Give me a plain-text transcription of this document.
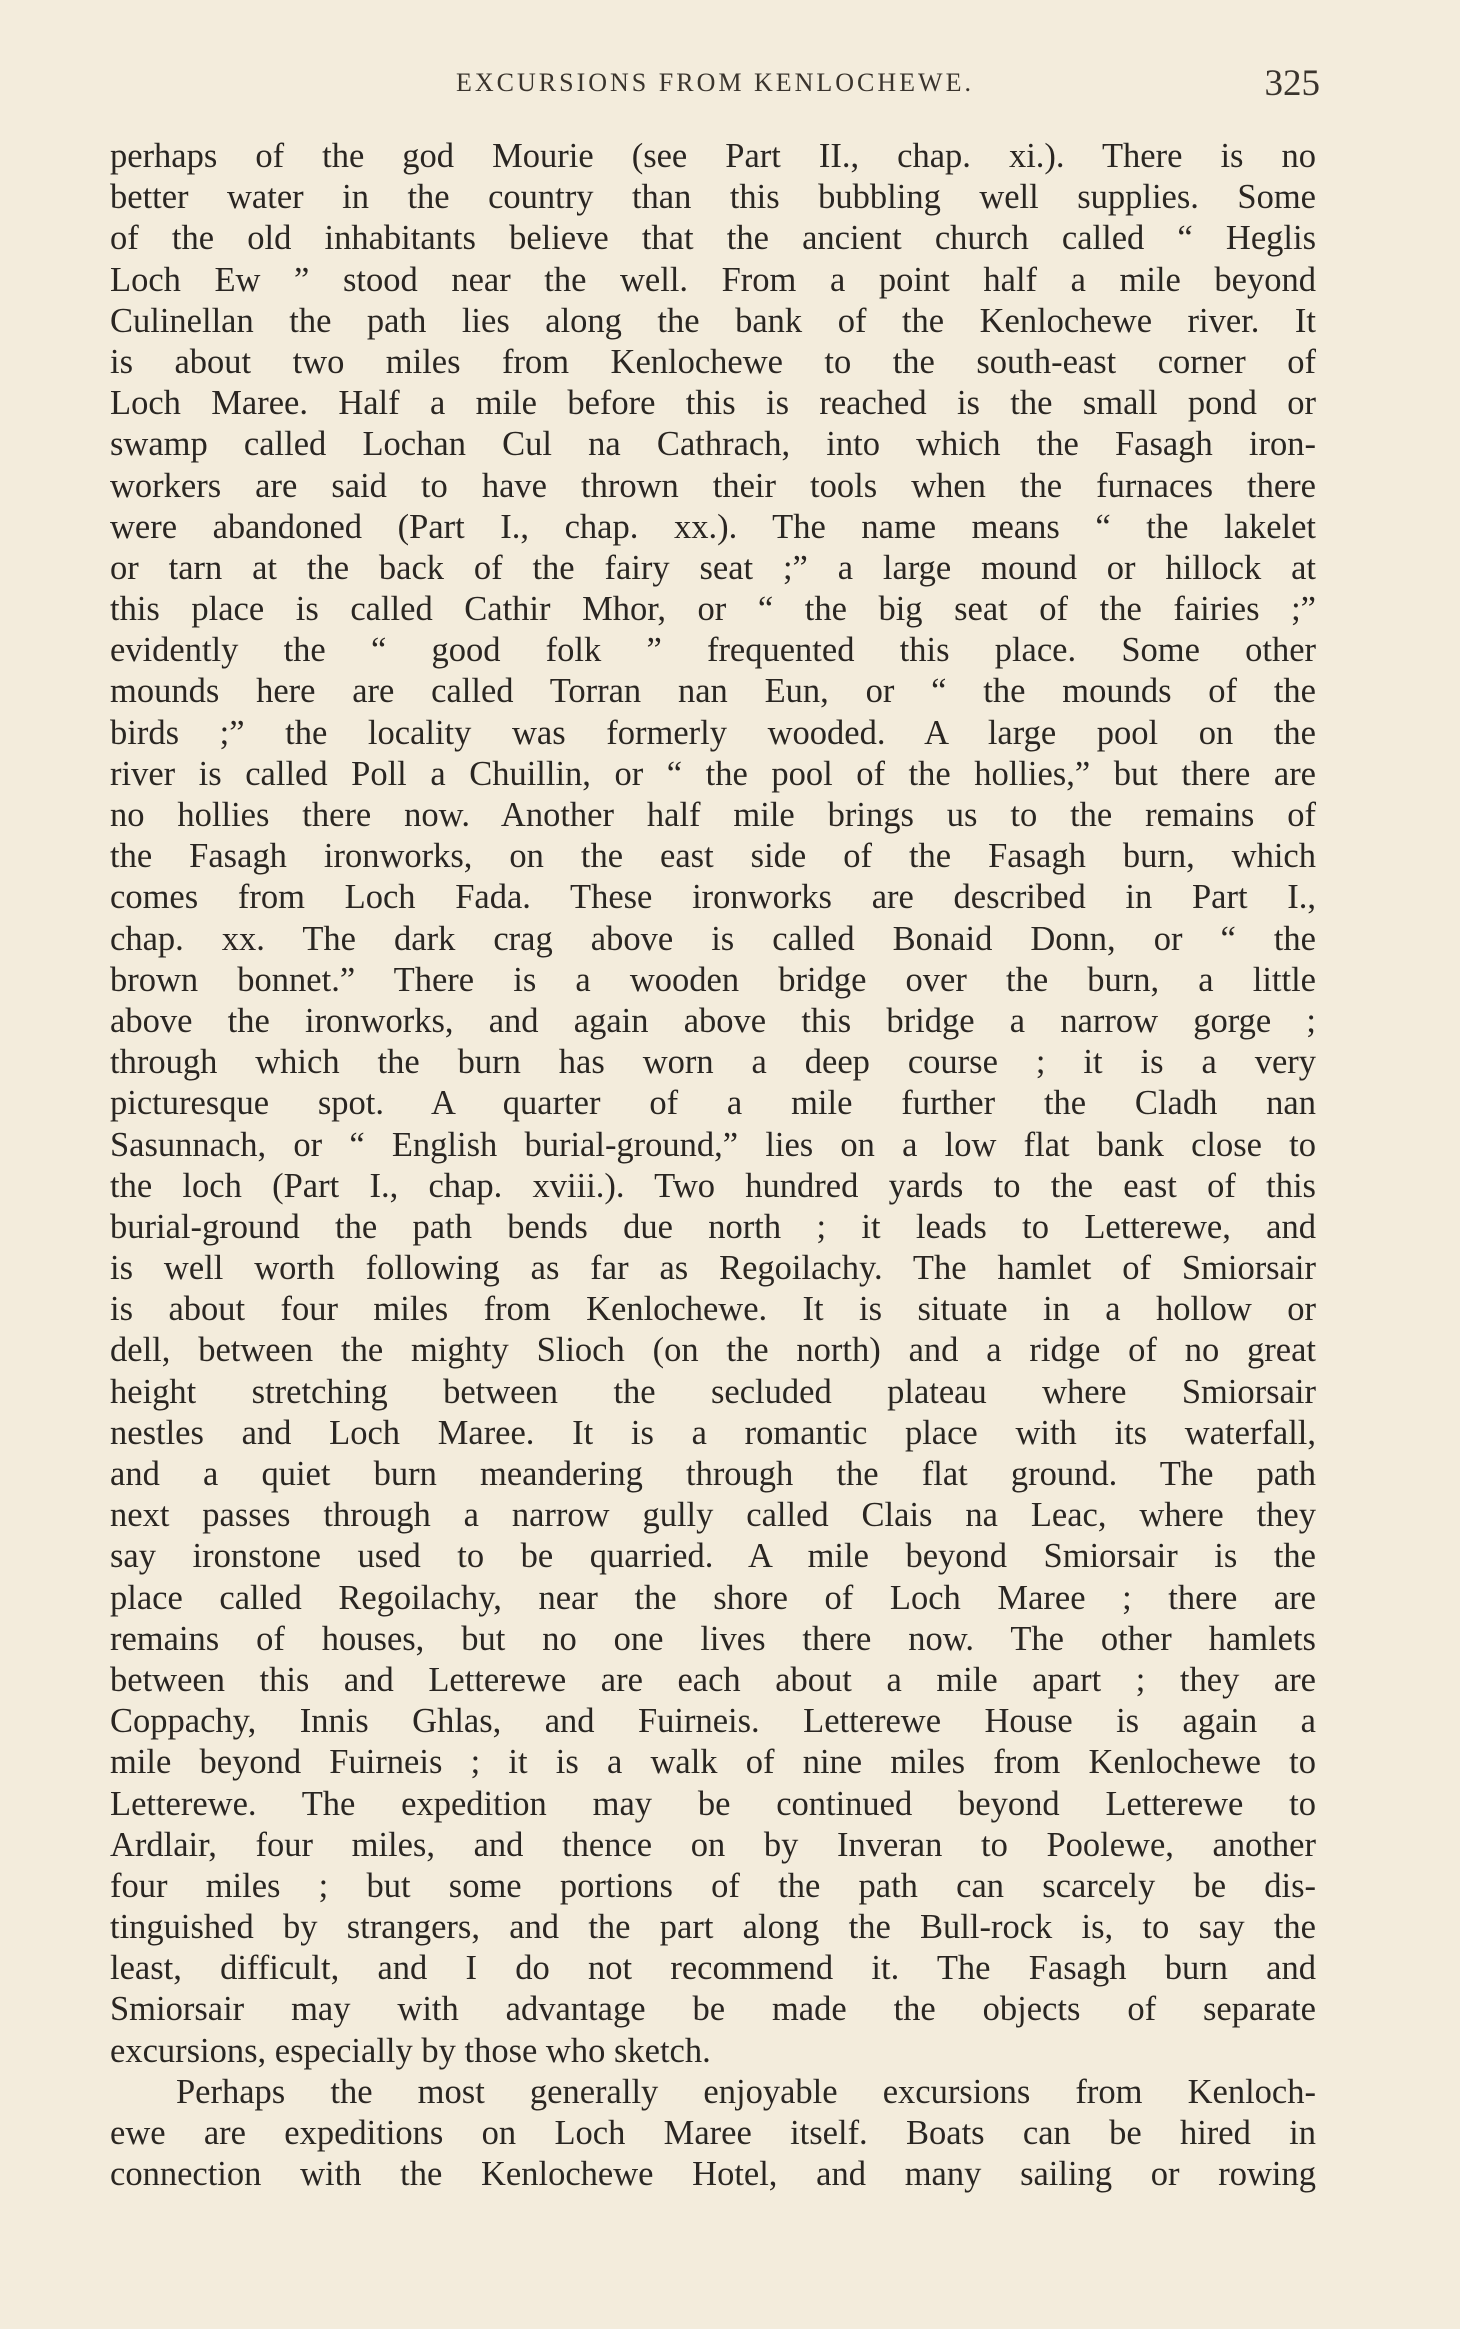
EXCURSIONS FROM KENLOCHEWE.	325
perhaps of the god Mourie (see Part II., chap. xi.). There is no
better water in the country than this bubbling well supplies. Some
of the old inhabitants believe that the ancient church called “ Heglis
Loch Ew ” stood near the well. From a point half a mile beyond
Culinellan the path lies along the bank of the Kenlochewe river. It
is about two miles from Kenlochewe to the south-east corner of
Loch Maree. Half a mile before this is reached is the small pond or
swamp called Lochan Cul na Cathrach, into which the Fasagh iron-
workers are said to have thrown their tools when the furnaces there
were abandoned (Part I., chap. xx.). The name means “ the lakelet
or tarn at the back of the fairy seat ;” a large mound or hillock at
this place is called Cathir Mhor, or “ the big seat of the fairies ;”
evidently the “ good folk ” frequented this place. Some other
mounds here are called Torran nan Eun, or “ the mounds of the
birds ;” the locality was formerly wooded. A large pool on the
river is called Poll a Chuillin, or “ the pool of the hollies,” but there are
no hollies there now. Another half mile brings us to the remains of
the Fasagh ironworks, on the east side of the Fasagh burn, which
comes from Loch Fada. These ironworks are described in Part I.,
chap. xx. The dark crag above is called Bonaid Donn, or “ the
brown bonnet.” There is a wooden bridge over the burn, a little
above the ironworks, and again above this bridge a narrow gorge ;
through which the burn has worn a deep course ; it is a very
picturesque spot. A quarter of a mile further the Cladh nan
Sasunnach, or “ English burial-ground,” lies on a low flat bank close to
the loch (Part I., chap. xviii.). Two hundred yards to the east of this
burial-ground the path bends due north ; it leads to Letterewe, and
is well worth following as far as Regoilachy. The hamlet of Smiorsair
is about four miles from Kenlochewe. It is situate in a hollow or
dell, between the mighty Slioch (on the north) and a ridge of no great
height stretching between the secluded plateau where Smiorsair
nestles and Loch Maree. It is a romantic place with its waterfall,
and a quiet burn meandering through the flat ground. The path
next passes through a narrow gully called Clais na Leac, where they
say ironstone used to be quarried. A mile beyond Smiorsair is the
place called Regoilachy, near the shore of Loch Maree ; there are
remains of houses, but no one lives there now. The other hamlets
between this and Letterewe are each about a mile apart ; they are
Coppachy, Innis Ghlas, and Fuirneis. Letterewe House is again a
mile beyond Fuirneis ; it is a walk of nine miles from Kenlochewe to
Letterewe. The expedition may be continued beyond Letterewe to
Ardlair, four miles, and thence on by Inveran to Poolewe, another
four miles ; but some portions of the path can scarcely be dis-
tinguished by strangers, and the part along the Bull-rock is, to say the
least, difficult, and I do not recommend it. The Fasagh burn and
Smiorsair may with advantage be made the objects of separate
excursions, especially by those who sketch.
Perhaps the most generally enjoyable excursions from Kenloch-
ewe are expeditions on Loch Maree itself. Boats can be hired in
connection with the Kenlochewe Hotel, and many sailing or rowing
